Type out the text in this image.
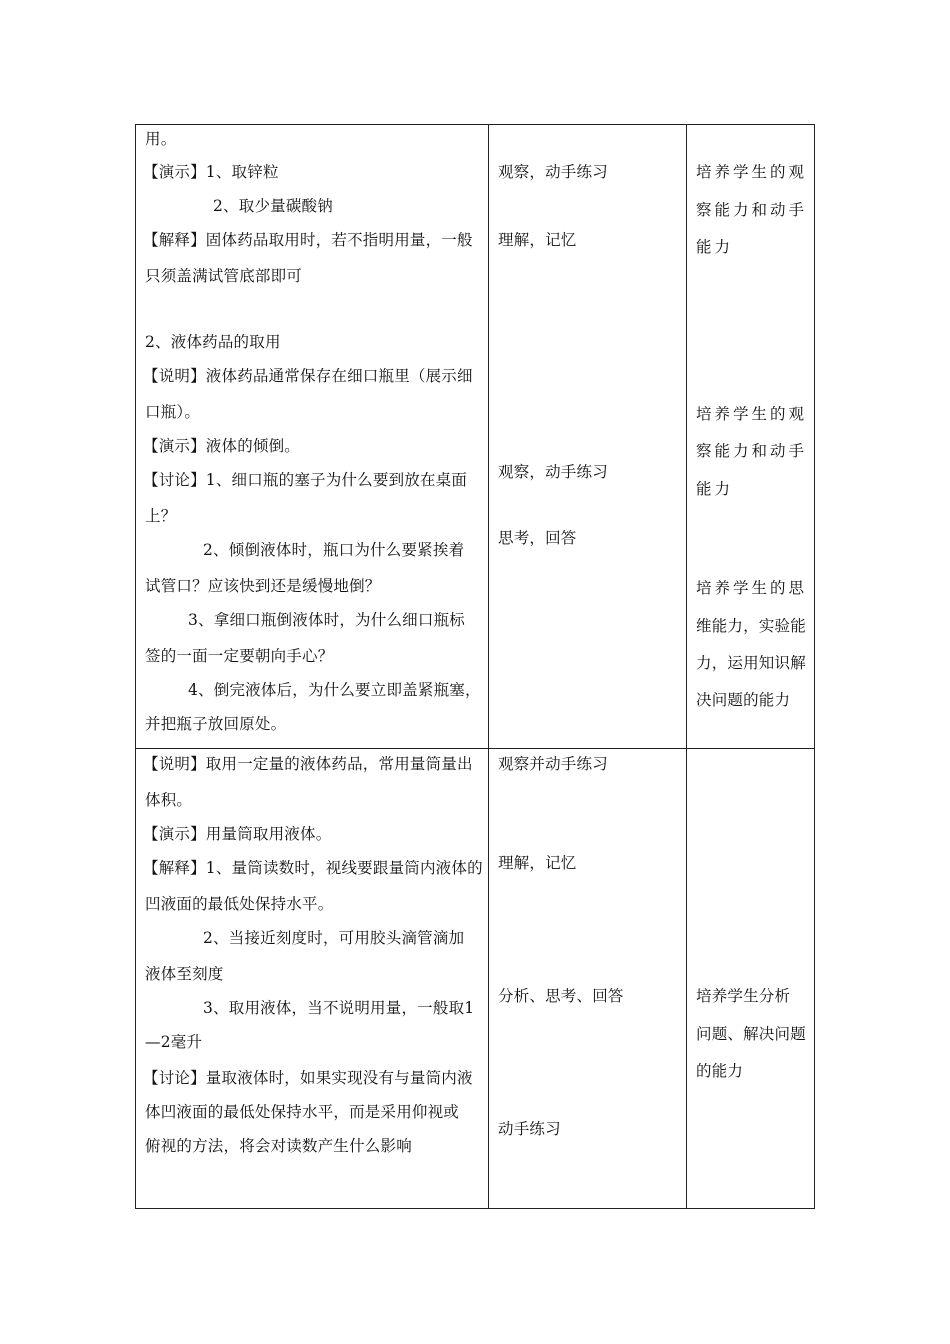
用。
【演示】1、取锌粒
2、取少量碳酸钠
【解释】固体药品取用时，若不指明用量，一般
只须盖满试管底部即可
2、液体药品的取用
【说明】液体药品通常保存在细口瓶里（展示细
口瓶）。
【演示】液体的倾倒。
【讨论】1、细口瓶的塞子为什么要到放在桌面
上？
2、倾倒液体时，瓶口为什么要紧挨着
试管口？应该快到还是缓慢地倒？
3、拿细口瓶倒液体时，为什么细口瓶标
签的一面一定要朝向手心？
4、倒完液体后，为什么要立即盖紧瓶塞，
并把瓶子放回原处。
观察，动手练习
理解，记忆
观察，动手练习
思考，回答
培养学生的观
察能力和动手
能力
培养学生的观
察能力和动手
能力
培养学生的思
维能力，实验能
力，运用知识解
决问题的能力
【说明】取用一定量的液体药品，常用量筒量出
体积。
【演示】用量筒取用液体。
【解释】1、量筒读数时，视线要跟量筒内液体的
凹液面的最低处保持水平。
2、当接近刻度时，可用胶头滴管滴加
液体至刻度
3、取用液体，当不说明用量，一般取1
—2毫升
【讨论】量取液体时，如果实现没有与量筒内液
体凹液面的最低处保持水平，而是采用仰视或
俯视的方法，将会对读数产生什么影响
观察并动手练习
理解，记忆
分析、思考、回答
动手练习
培养学生分析
问题、解决问题
的能力
